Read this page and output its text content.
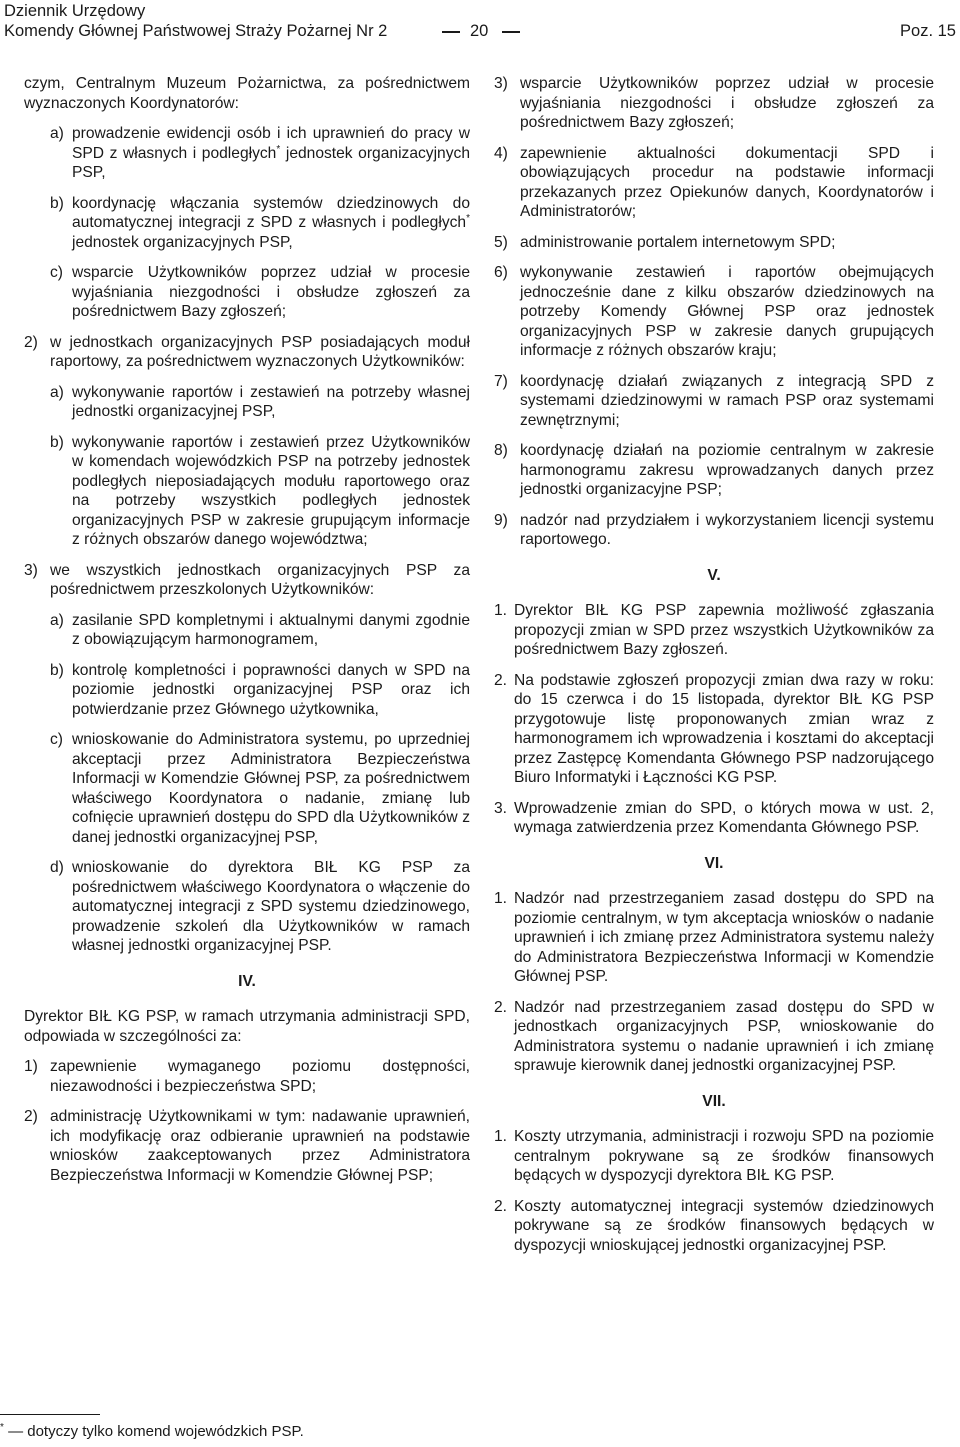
Dziennik Urzędowy
Komendy Głównej Państwowej Straży Pożarnej Nr 2	20	Poz. 15

czym, Centralnym Muzeum Pożarnictwa, za pośrednictwem wyznaczonych Koordynatorów:

a) prowadzenie ewidencji osób i ich uprawnień do pracy w SPD z własnych i podległych* jednostek organizacyjnych PSP,
b) koordynację włączania systemów dziedzinowych do automatycznej integracji z SPD z własnych i podległych* jednostek organizacyjnych PSP,
c) wsparcie Użytkowników poprzez udział w procesie wyjaśniania niezgodności i obsłudze zgłoszeń za pośrednictwem Bazy zgłoszeń;
2) w jednostkach organizacyjnych PSP posiadających moduł raportowy, za pośrednictwem wyznaczonych Użytkowników:
a) wykonywanie raportów i zestawień na potrzeby własnej jednostki organizacyjnej PSP,
b) wykonywanie raportów i zestawień przez Użytkowników w komendach wojewódzkich PSP na potrzeby jednostek podległych nieposiadających modułu raportowego oraz na potrzeby wszystkich podległych jednostek organizacyjnych PSP w zakresie grupującym informacje z różnych obszarów danego województwa;
3) we wszystkich jednostkach organizacyjnych PSP za pośrednictwem przeszkolonych Użytkowników:
a) zasilanie SPD kompletnymi i aktualnymi danymi zgodnie z obowiązującym harmonogramem,
b) kontrolę kompletności i poprawności danych w SPD na poziomie jednostki organizacyjnej PSP oraz ich potwierdzanie przez Głównego użytkownika,
c) wnioskowanie do Administratora systemu, po uprzedniej akceptacji przez Administratora Bezpieczeństwa Informacji w Komendzie Głównej PSP, za pośrednictwem właściwego Koordynatora o nadanie, zmianę lub cofnięcie uprawnień dostępu do SPD dla Użytkowników z danej jednostki organizacyjnej PSP,
d) wnioskowanie do dyrektora BIŁ KG PSP za pośrednictwem właściwego Koordynatora o włączenie do automatycznej integracji z SPD systemu dziedzinowego, prowadzenie szkoleń dla Użytkowników w ramach własnej jednostki organizacyjnej PSP.
IV.

Dyrektor BIŁ KG PSP, w ramach utrzymania administracji SPD, odpowiada w szczególności za:

1) zapewnienie wymaganego poziomu dostępności, niezawodności i bezpieczeństwa SPD;
2) administrację Użytkownikami w tym: nadawanie uprawnień, ich modyfikację oraz odbieranie uprawnień na podstawie wniosków zaakceptowanych przez Administratora Bezpieczeństwa Informacji w Komendzie Głównej PSP;
* — dotyczy tylko komend wojewódzkich PSP.
3) wsparcie Użytkowników poprzez udział w procesie wyjaśniania niezgodności i obsłudze zgłoszeń za pośrednictwem Bazy zgłoszeń;
4) zapewnienie aktualności dokumentacji SPD i obowiązujących procedur na podstawie informacji przekazanych przez Opiekunów danych, Koordynatorów i Administratorów;
5) administrowanie portalem internetowym SPD;
6) wykonywanie zestawień i raportów obejmujących jednocześnie dane z kilku obszarów dziedzinowych na potrzeby Komendy Głównej PSP oraz jednostek organizacyjnych PSP w zakresie danych grupujących informacje z różnych obszarów kraju;
7) koordynację działań związanych z integracją SPD z systemami dziedzinowymi w ramach PSP oraz systemami zewnętrznymi;
8) koordynację działań na poziomie centralnym w zakresie harmonogramu zakresu wprowadzanych danych przez jednostki organizacyjne PSP;
9) nadzór nad przydziałem i wykorzystaniem licencji systemu raportowego.
V.
1. Dyrektor BIŁ KG PSP zapewnia możliwość zgłaszania propozycji zmian w SPD przez wszystkich Użytkowników za pośrednictwem Bazy zgłoszeń.
2. Na podstawie zgłoszeń propozycji zmian dwa razy w roku: do 15 czerwca i do 15 listopada, dyrektor BIŁ KG PSP przygotowuje listę proponowanych zmian wraz z harmonogramem ich wprowadzenia i kosztami do akceptacji przez Zastępcę Komendanta Głównego PSP nadzorującego Biuro Informatyki i Łączności KG PSP.
3. Wprowadzenie zmian do SPD, o których mowa w ust. 2, wymaga zatwierdzenia przez Komendanta Głównego PSP.
VI.
1. Nadzór nad przestrzeganiem zasad dostępu do SPD na poziomie centralnym, w tym akceptacja wniosków o nadanie uprawnień i ich zmianę przez Administratora systemu należy do Administratora Bezpieczeństwa Informacji w Komendzie Głównej PSP.
2. Nadzór nad przestrzeganiem zasad dostępu do SPD w jednostkach organizacyjnych PSP, wnioskowanie do Administratora systemu o nadanie uprawnień i ich zmianę sprawuje kierownik danej jednostki organizacyjnej PSP.
VII.
1. Koszty utrzymania, administracji i rozwoju SPD na poziomie centralnym pokrywane są ze środków finansowych będących w dyspozycji dyrektora BIŁ KG PSP.
2. Koszty automatycznej integracji systemów dziedzinowych pokrywane są ze środków finansowych będących w dyspozycji wnioskującej jednostki organizacyjnej PSP.
